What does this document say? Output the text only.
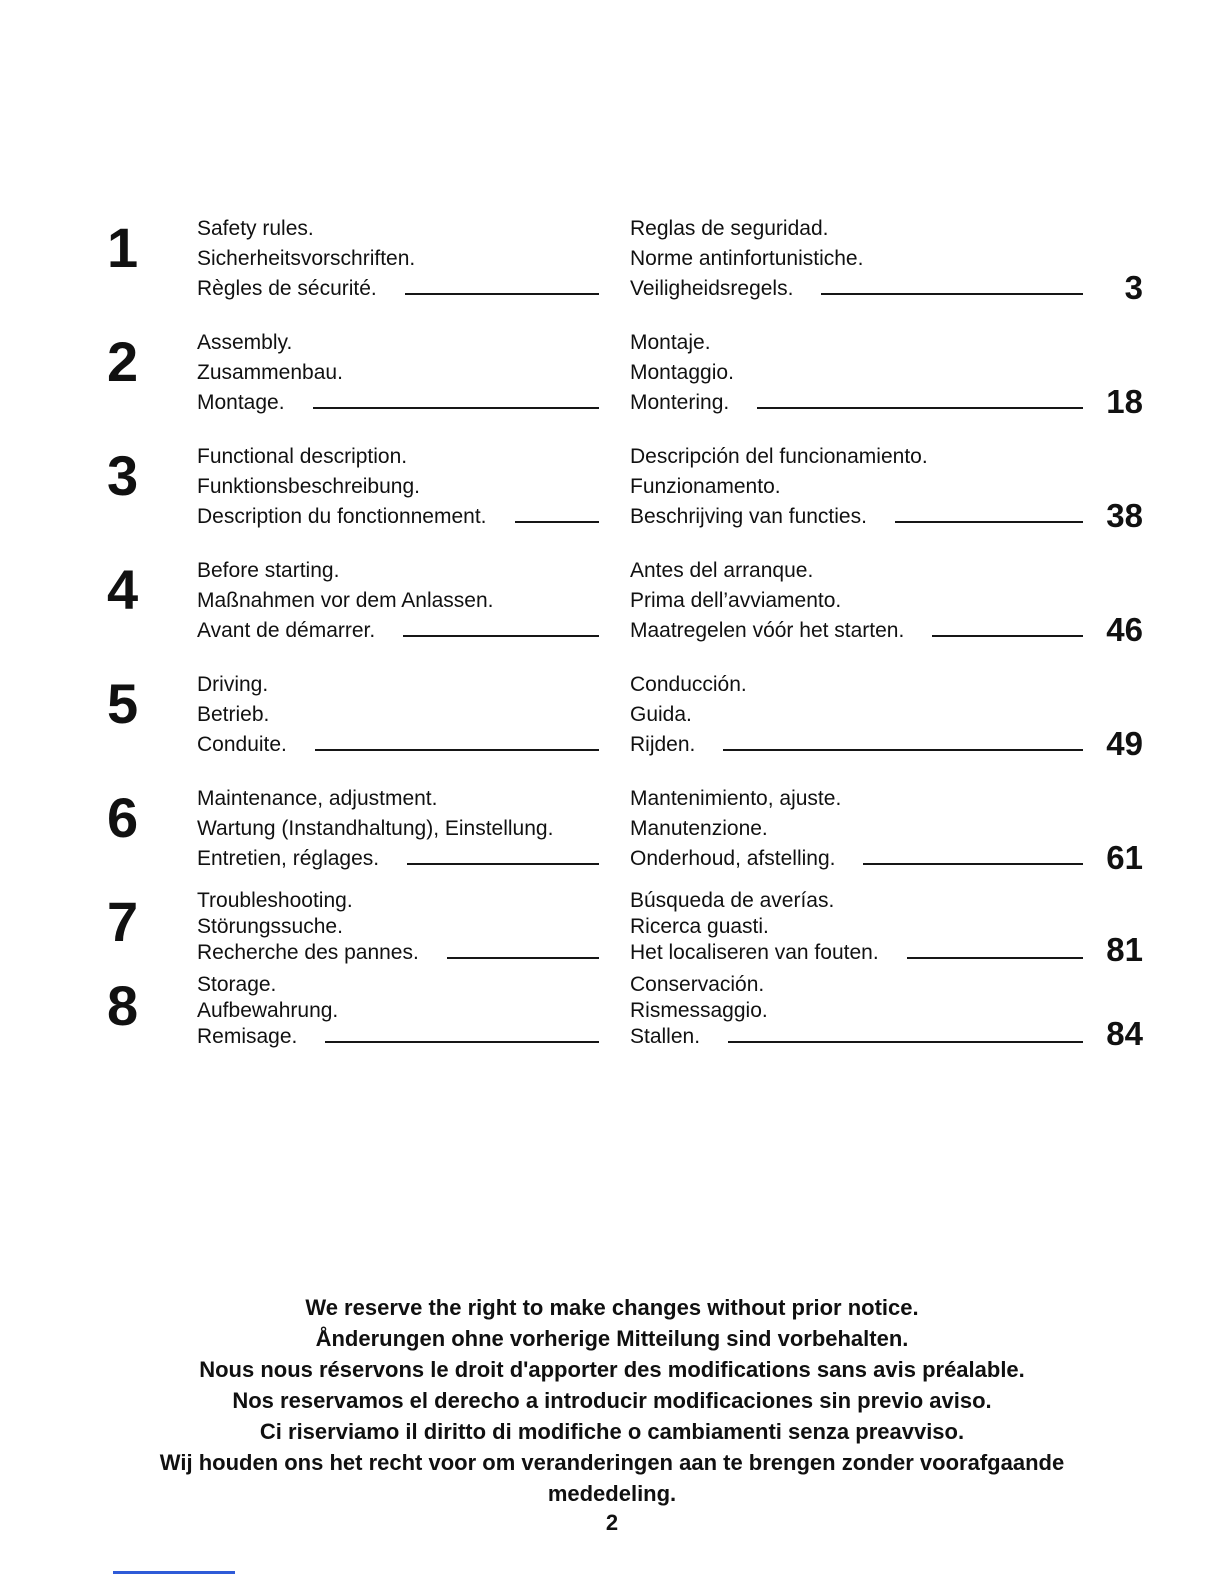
1	Safety rules.
Sicherheitsvorschriften.
Règles de sécurité.
Reglas de seguridad.
Norme antinfortunistiche.
Veiligheidsregels.	3
2	Assembly.
Zusammenbau.
Montage.
Montaje.
Montaggio.
Montering.	18
3	Functional description.
Funktionsbeschreibung.
Description du fonctionnement.
Descripción del funcionamiento.
Funzionamento.
Beschrijving van functies.	38
4	Before starting.
Maßnahmen vor dem Anlassen.
Avant de démarrer.
Antes del arranque.
Prima dell’avviamento.
Maatregelen vóór het starten.	46
5	Driving.
Betrieb.
Conduite.
Conducción.
Guida.
Rijden.	49
6	Maintenance, adjustment.
Wartung (Instandhaltung), Einstellung.
Entretien, réglages.
Mantenimiento, ajuste.
Manutenzione.
Onderhoud, afstelling.	61
7	Troubleshooting.
Störungssuche.
Recherche des pannes.
Búsqueda de averías.
Ricerca guasti.
Het localiseren van fouten.	81
8	Storage.
Aufbewahrung.
Remisage.
Conservación.
Rismessaggio.
Stallen.	84
We reserve the right to make changes without prior notice.
Ånderungen ohne vorherige Mitteilung sind vorbehalten.
Nous nous réservons le droit d'apporter des modifications sans avis préalable.
Nos reservamos el derecho a introducir modificaciones sin previo aviso.
Ci riserviamo il diritto di modifiche o cambiamenti senza preavviso.
Wij houden ons het recht voor om veranderingen aan te brengen zonder voorafgaande
mededeling.
2
